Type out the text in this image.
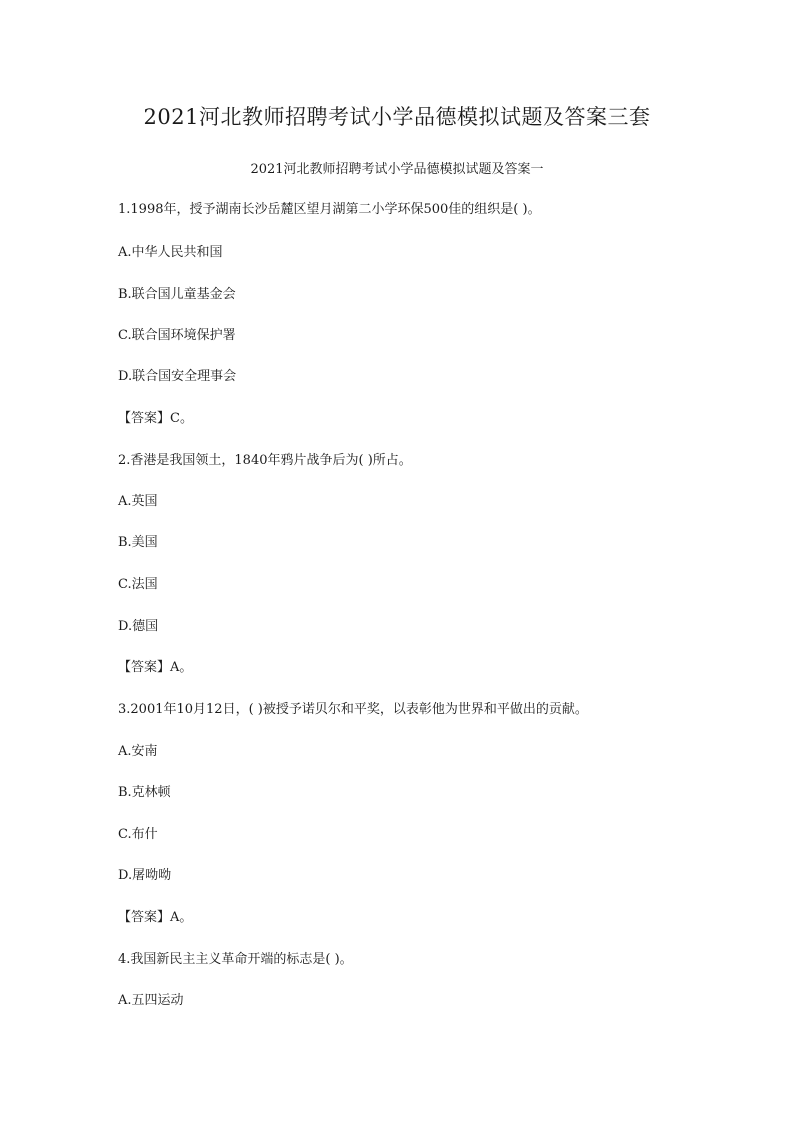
2021河北教师招聘考试小学品德模拟试题及答案三套
2021河北教师招聘考试小学品德模拟试题及答案一
1.1998年，授予湖南长沙岳麓区望月湖第二小学环保500佳的组织是( )。
A.中华人民共和国
B.联合国儿童基金会
C.联合国环境保护署
D.联合国安全理事会
【答案】C。
2.香港是我国领土，1840年鸦片战争后为( )所占。
A.英国
B.美国
C.法国
D.德国
【答案】A。
3.2001年10月12日，( )被授予诺贝尔和平奖，以表彰他为世界和平做出的贡献。
A.安南
B.克林顿
C.布什
D.屠呦呦
【答案】A。
4.我国新民主主义革命开端的标志是( )。
A.五四运动
